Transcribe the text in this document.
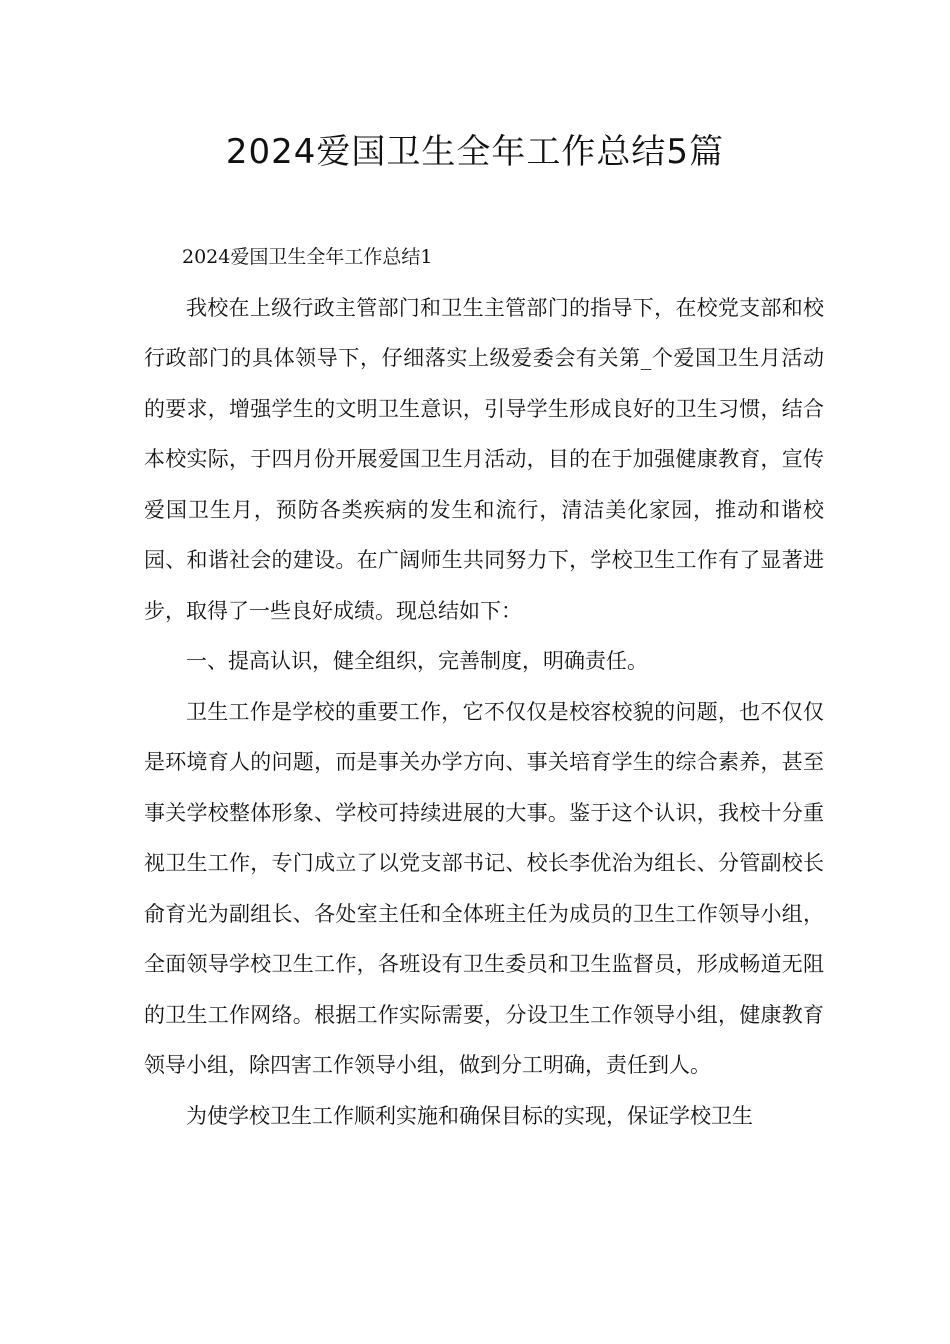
2024爱国卫生全年工作总结5篇

2024爱国卫生全年工作总结1

我校在上级行政主管部门和卫生主管部门的指导下，在校党支部和校行政部门的具体领导下，仔细落实上级爱委会有关第_个爱国卫生月活动的要求，增强学生的文明卫生意识，引导学生形成良好的卫生习惯，结合本校实际，于四月份开展爱国卫生月活动，目的在于加强健康教育，宣传爱国卫生月，预防各类疾病的发生和流行，清洁美化家园，推动和谐校园、和谐社会的建设。在广阔师生共同努力下，学校卫生工作有了显著进步，取得了一些良好成绩。现总结如下：

一、提高认识，健全组织，完善制度，明确责任。

卫生工作是学校的重要工作，它不仅仅是校容校貌的问题，也不仅仅是环境育人的问题，而是事关办学方向、事关培育学生的综合素养，甚至事关学校整体形象、学校可持续进展的大事。鉴于这个认识，我校十分重视卫生工作，专门成立了以党支部书记、校长李优治为组长、分管副校长俞育光为副组长、各处室主任和全体班主任为成员的卫生工作领导小组，全面领导学校卫生工作，各班设有卫生委员和卫生监督员，形成畅道无阻的卫生工作网络。根据工作实际需要，分设卫生工作领导小组，健康教育领导小组，除四害工作领导小组，做到分工明确，责任到人。

为使学校卫生工作顺利实施和确保目标的实现，保证学校卫生
